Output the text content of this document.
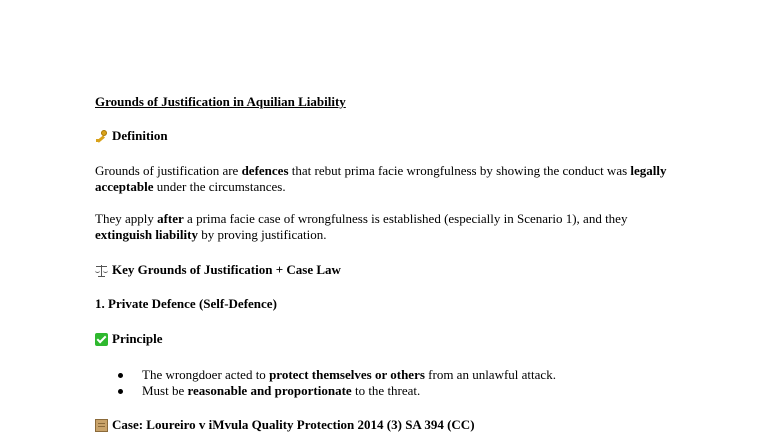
Grounds of Justification in Aquilian Liability
Definition
Grounds of justification are defences that rebut prima facie wrongfulness by showing the conduct was legally
acceptable under the circumstances.
They apply after a prima facie case of wrongfulness is established (especially in Scenario 1), and they
extinguish liability by proving justification.
Key Grounds of Justification + Case Law
1. Private Defence (Self-Defence)
Principle
The wrongdoer acted to protect themselves or others from an unlawful attack.
Must be reasonable and proportionate to the threat.
Case: Loureiro v iMvula Quality Protection 2014 (3) SA 394 (CC)
